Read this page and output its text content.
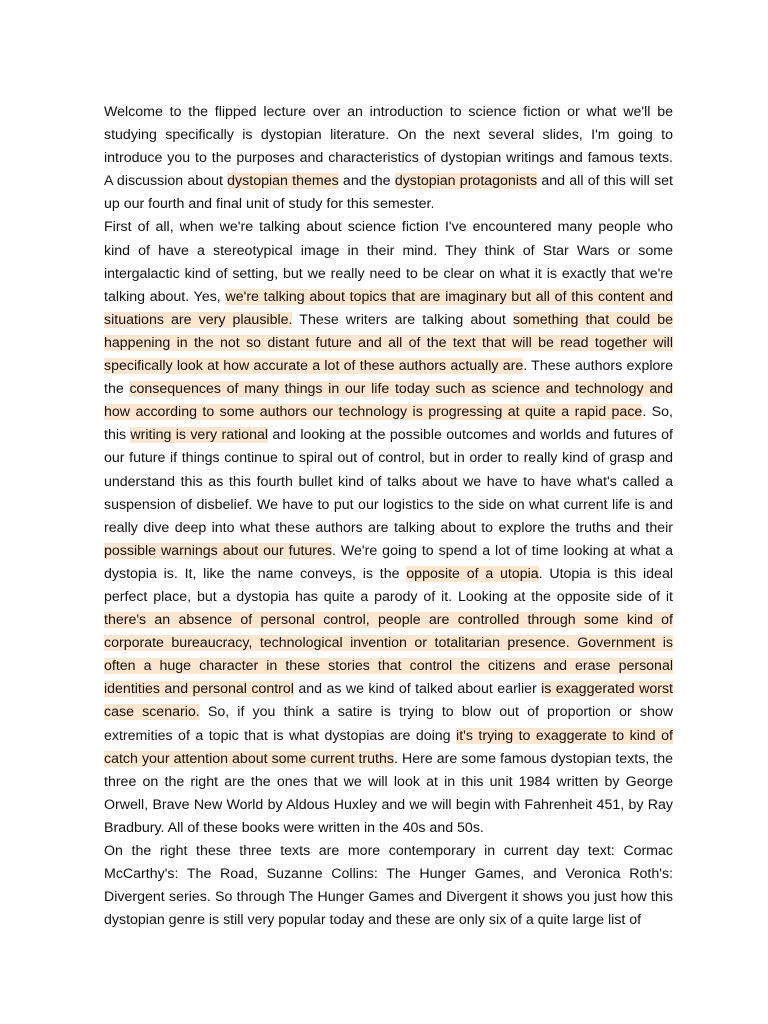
Welcome to the flipped lecture over an introduction to science fiction or what we'll be studying specifically is dystopian literature. On the next several slides, I'm going to introduce you to the purposes and characteristics of dystopian writings and famous texts. A discussion about dystopian themes and the dystopian protagonists and all of this will set up our fourth and final unit of study for this semester.

First of all, when we're talking about science fiction I've encountered many people who kind of have a stereotypical image in their mind. They think of Star Wars or some intergalactic kind of setting, but we really need to be clear on what it is exactly that we're talking about. Yes, we're talking about topics that are imaginary but all of this content and situations are very plausible. These writers are talking about something that could be happening in the not so distant future and all of the text that will be read together will specifically look at how accurate a lot of these authors actually are. These authors explore the consequences of many things in our life today such as science and technology and how according to some authors our technology is progressing at quite a rapid pace. So, this writing is very rational and looking at the possible outcomes and worlds and futures of our future if things continue to spiral out of control, but in order to really kind of grasp and understand this as this fourth bullet kind of talks about we have to have what's called a suspension of disbelief. We have to put our logistics to the side on what current life is and really dive deep into what these authors are talking about to explore the truths and their possible warnings about our futures. We're going to spend a lot of time looking at what a dystopia is. It, like the name conveys, is the opposite of a utopia. Utopia is this ideal perfect place, but a dystopia has quite a parody of it. Looking at the opposite side of it there's an absence of personal control, people are controlled through some kind of corporate bureaucracy, technological invention or totalitarian presence. Government is often a huge character in these stories that control the citizens and erase personal identities and personal control and as we kind of talked about earlier is exaggerated worst case scenario. So, if you think a satire is trying to blow out of proportion or show extremities of a topic that is what dystopias are doing it's trying to exaggerate to kind of catch your attention about some current truths. Here are some famous dystopian texts, the three on the right are the ones that we will look at in this unit 1984 written by George Orwell, Brave New World by Aldous Huxley and we will begin with Fahrenheit 451, by Ray Bradbury. All of these books were written in the 40s and 50s.

On the right these three texts are more contemporary in current day text: Cormac McCarthy's: The Road, Suzanne Collins: The Hunger Games, and Veronica Roth's: Divergent series. So through The Hunger Games and Divergent it shows you just how this dystopian genre is still very popular today and these are only six of a quite large list of
